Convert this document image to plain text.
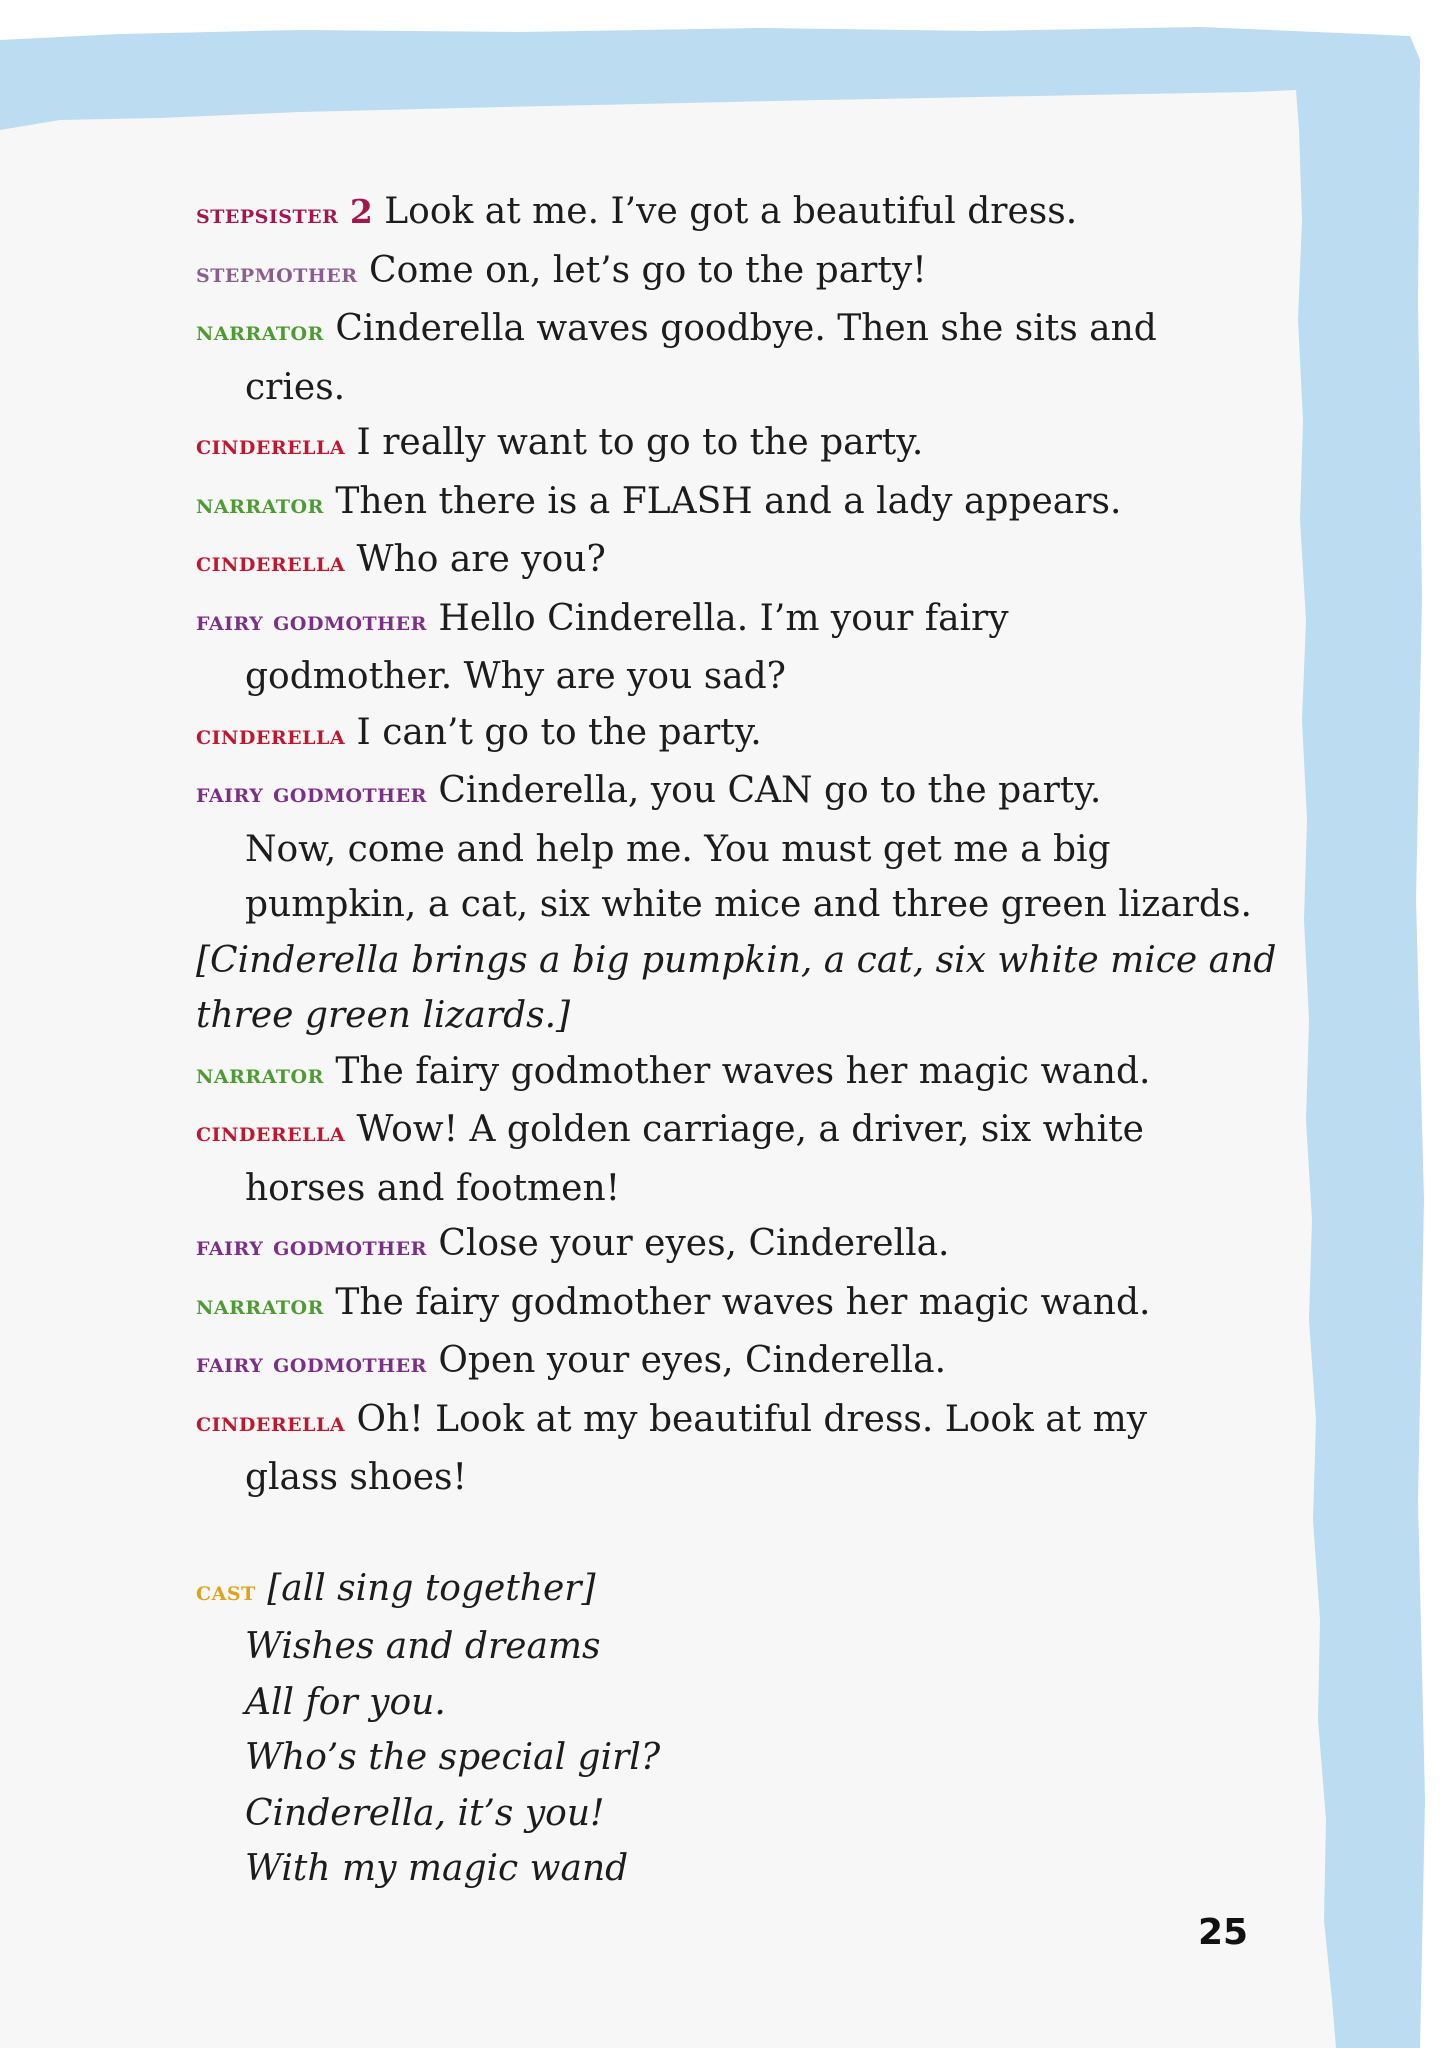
stepsister 2 Look at me. I’ve got a beautiful dress.

stepmother Come on, let’s go to the party!

narrator Cinderella waves goodbye. Then she sits and
cries.

cinderella I really want to go to the party.

narrator Then there is a FLASH and a lady appears.

cinderella Who are you?

fairy godmother Hello Cinderella. I’m your fairy
godmother. Why are you sad?

cinderella I can’t go to the party.

fairy godmother Cinderella, you CAN go to the party.
Now, come and help me. You must get me a big
pumpkin, a cat, six white mice and three green lizards.

[Cinderella brings a big pumpkin, a cat, six white mice and
three green lizards.]

narrator The fairy godmother waves her magic wand.

cinderella Wow! A golden carriage, a driver, six white
horses and footmen!

fairy godmother Close your eyes, Cinderella.

narrator The fairy godmother waves her magic wand.

fairy godmother Open your eyes, Cinderella.

cinderella Oh! Look at my beautiful dress. Look at my
glass shoes!

cast [all sing together]

Wishes and dreams

All for you.

Who’s the special girl?

Cinderella, it’s you!

With my magic wand

25
